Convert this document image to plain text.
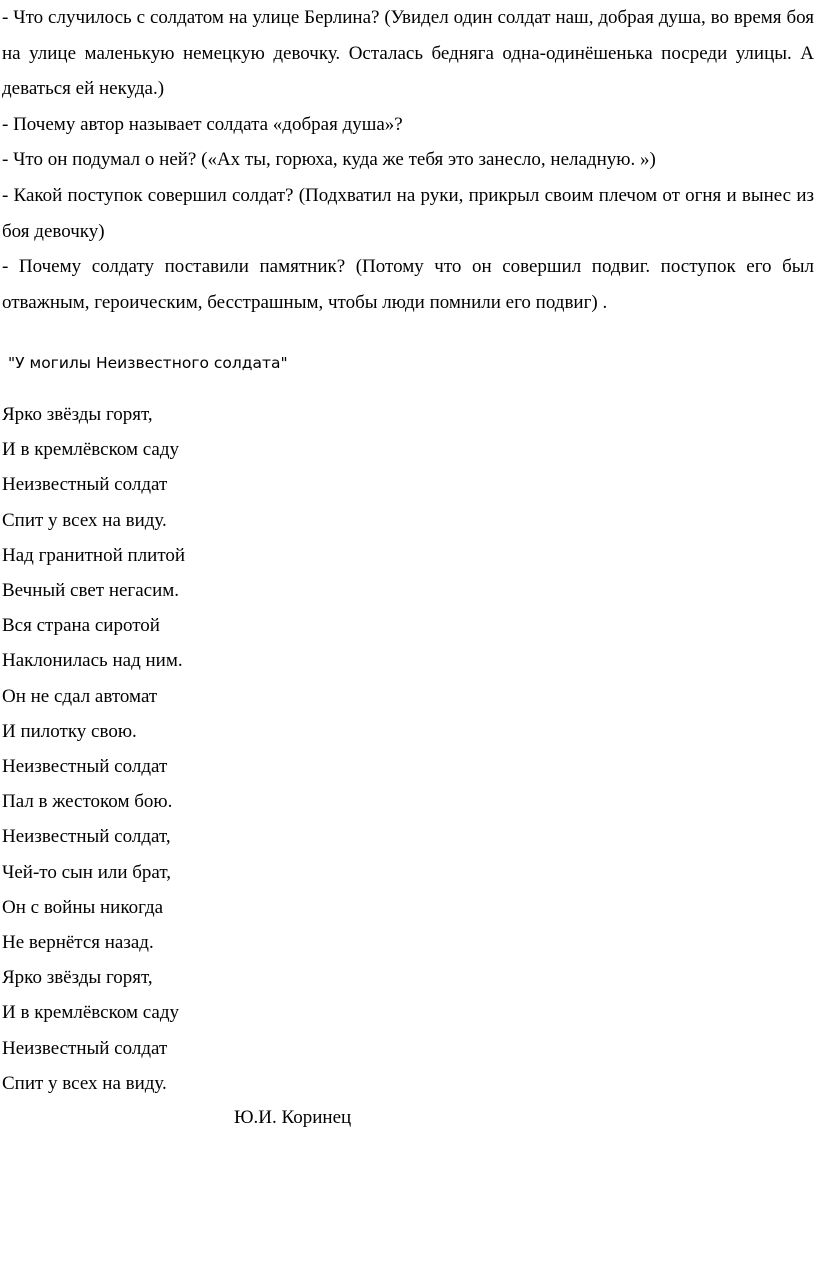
- Что случилось с солдатом на улице Берлина? (Увидел один солдат наш, добрая душа, во время боя на улице маленькую немецкую девочку. Осталась бедняга одна-одинёшенька посреди улицы. А деваться ей некуда.)

- Почему автор называет солдата «добрая душа»?

- Что он подумал о ней? («Ах ты, горюха, куда же тебя это занесло, неладную. »)

- Какой поступок совершил солдат? (Подхватил на руки, прикрыл своим плечом от огня и вынес из боя девочку)

- Почему солдату поставили памятник? (Потому что он совершил подвиг. поступок его был отважным, героическим, бесстрашным, чтобы люди помнили его подвиг) .

"У могилы Неизвестного солдата"
Ярко звёзды горят,
И в кремлёвском саду
Неизвестный солдат
Спит у всех на виду.
Над гранитной плитой
Вечный свет негасим.
Вся страна сиротой
Наклонилась над ним.
Он не сдал автомат
И пилотку свою.
Неизвестный солдат
Пал в жестоком бою.
Неизвестный солдат,
Чей-то сын или брат,
Он с войны никогда
Не вернётся назад.
Ярко звёзды горят,
И в кремлёвском саду
Неизвестный солдат
Спит у всех на виду.
Ю.И. Коринец
